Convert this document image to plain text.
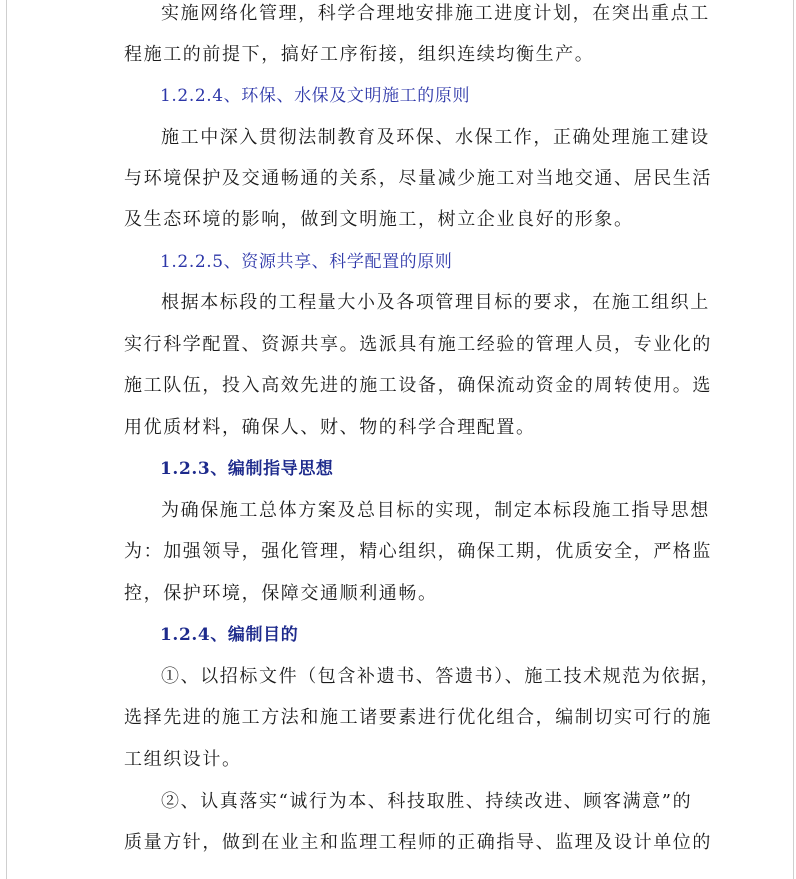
实施网络化管理，科学合理地安排施工进度计划，在突出重点工
程施工的前提下，搞好工序衔接，组织连续均衡生产。
1.2.2.4、环保、水保及文明施工的原则
施工中深入贯彻法制教育及环保、水保工作，正确处理施工建设
与环境保护及交通畅通的关系，尽量减少施工对当地交通、居民生活
及生态环境的影响，做到文明施工，树立企业良好的形象。
1.2.2.5、资源共享、科学配置的原则
根据本标段的工程量大小及各项管理目标的要求，在施工组织上
实行科学配置、资源共享。选派具有施工经验的管理人员，专业化的
施工队伍，投入高效先进的施工设备，确保流动资金的周转使用。选
用优质材料，确保人、财、物的科学合理配置。
1.2.3、编制指导思想
为确保施工总体方案及总目标的实现，制定本标段施工指导思想
为：加强领导，强化管理，精心组织，确保工期，优质安全，严格监
控，保护环境，保障交通顺利通畅。
1.2.4、编制目的
①、以招标文件（包含补遗书、答遗书）、施工技术规范为依据，
选择先进的施工方法和施工诸要素进行优化组合，编制切实可行的施
工组织设计。
②、认真落实“诚行为本、科技取胜、持续改进、顾客满意”的
质量方针，做到在业主和监理工程师的正确指导、监理及设计单位的
